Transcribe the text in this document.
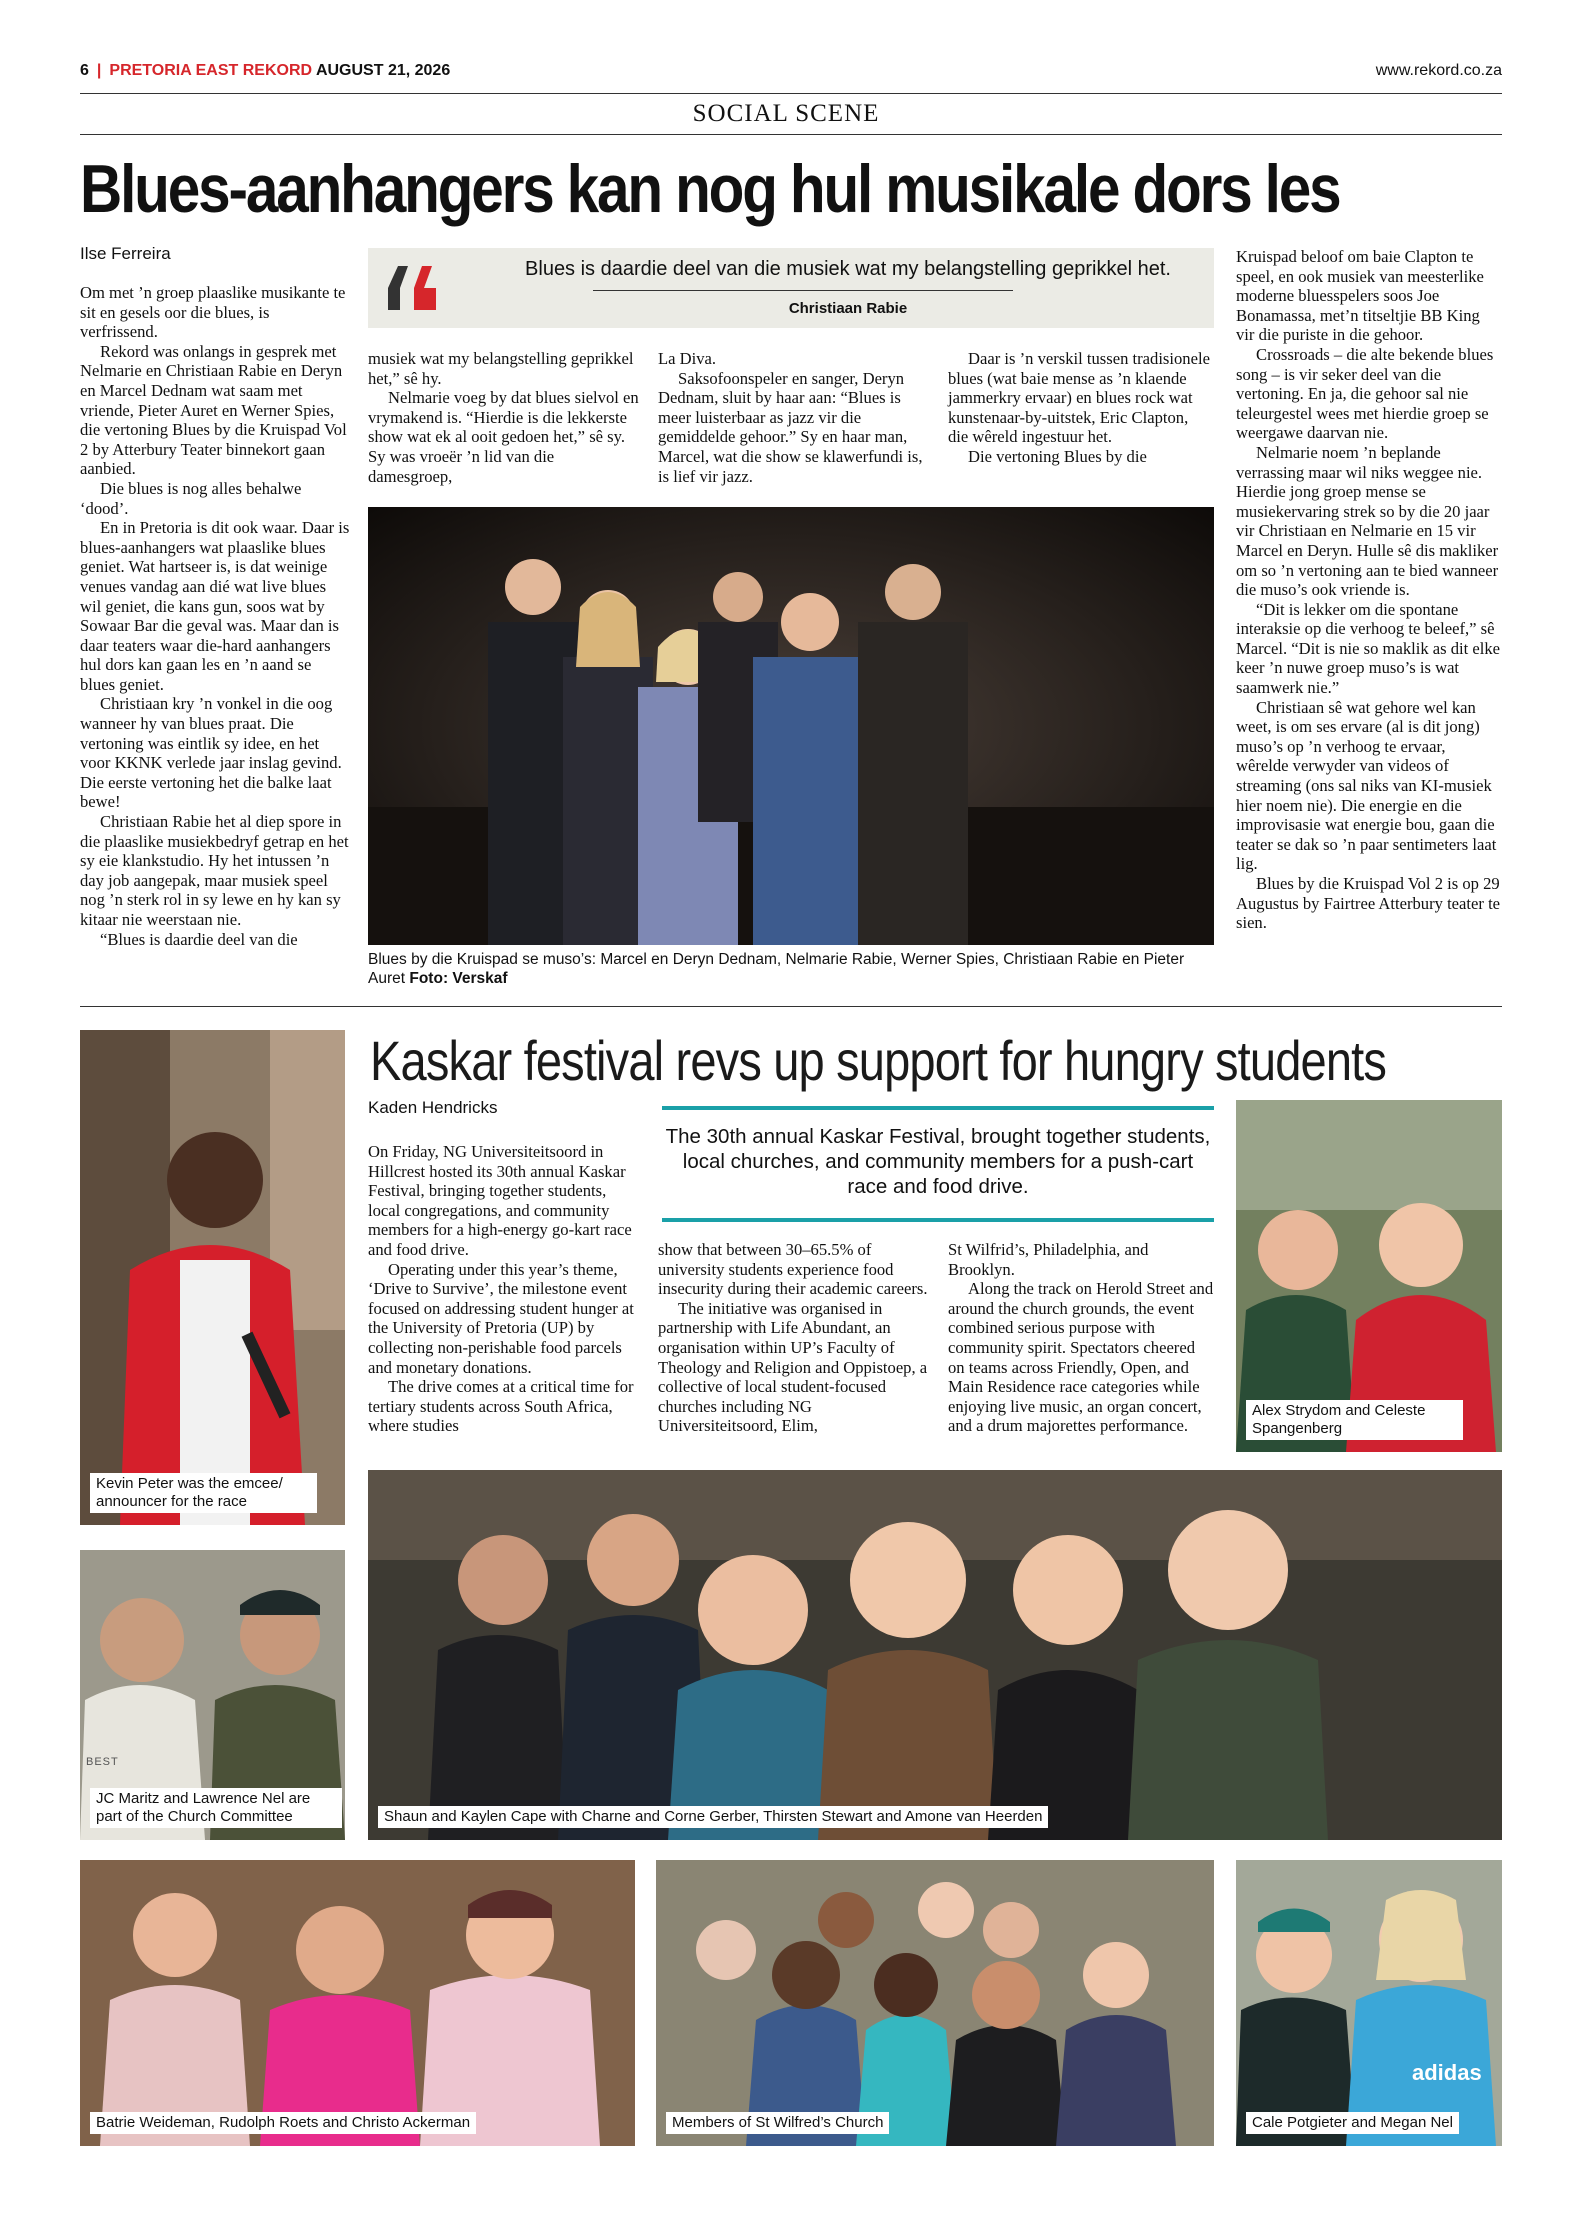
6 | PRETORIA EAST REKORD AUGUST 21, 2026	www.rekord.co.za
SOCIAL SCENE
Blues-aanhangers kan nog hul musikale dors les
Ilse Ferreira

Om met ’n groep plaaslike musikante te sit en gesels oor die blues, is verfrissend.

Rekord was onlangs in gesprek met Nelmarie en Christiaan Rabie en Deryn en Marcel Dednam wat saam met vriende, Pieter Auret en Werner Spies, die vertoning Blues by die Kruispad Vol 2 by Atterbury Teater binnekort gaan aanbied.

Die blues is nog alles behalwe ‘dood’.

En in Pretoria is dit ook waar. Daar is blues-aanhangers wat plaaslike blues geniet. Wat hartseer is, is dat weinige venues vandag aan dié wat live blues wil geniet, die kans gun, soos wat by Sowaar Bar die geval was. Maar dan is daar teaters waar die-hard aanhangers hul dors kan gaan les en ’n aand se blues geniet.

Christiaan kry ’n vonkel in die oog wanneer hy van blues praat. Die vertoning was eintlik sy idee, en het voor KKNK verlede jaar inslag gevind. Die eerste vertoning het die balke laat bewe!

Christiaan Rabie het al diep spore in die plaaslike musiekbedryf getrap en het sy eie klankstudio. Hy het intussen ’n day job aangepak, maar musiek speel nog ’n sterk rol in sy lewe en hy kan sy kitaar nie weerstaan nie.

“Blues is daardie deel van die

Blues is daardie deel van die musiek wat my belangstelling geprikkel het.
Christiaan Rabie

musiek wat my belangstelling geprikkel het,” sê hy.

Nelmarie voeg by dat blues sielvol en vrymakend is. “Hierdie is die lekkerste show wat ek al ooit gedoen het,” sê sy. Sy was vroeër ’n lid van die damesgroep,

La Diva.

Saksofoonspeler en sanger, Deryn Dednam, sluit by haar aan: “Blues is meer luisterbaar as jazz vir die gemiddelde gehoor.” Sy en haar man, Marcel, wat die show se klawerfundi is, is lief vir jazz.

Daar is ’n verskil tussen tradisionele blues (wat baie mense as ’n klaende jammerkry ervaar) en blues rock wat kunstenaar-by-uitstek, Eric Clapton, die wêreld ingestuur het.

Die vertoning Blues by die

Blues by die Kruispad se muso’s: Marcel en Deryn Dednam, Nelmarie Rabie, Werner Spies, Christiaan Rabie en Pieter Auret Foto: Verskaf

Kruispad beloof om baie Clapton te speel, en ook musiek van meesterlike moderne bluesspelers soos Joe Bonamassa, met’n titseltjie BB King vir die puriste in die gehoor.

Crossroads – die alte bekende blues song – is vir seker deel van die vertoning. En ja, die gehoor sal nie teleurgestel wees met hierdie groep se weergawe daarvan nie.

Nelmarie noem ’n beplande verrassing maar wil niks weggee nie. Hierdie jong groep mense se musiekervaring strek so by die 20 jaar vir Christiaan en Nelmarie en 15 vir Marcel en Deryn. Hulle sê dis makliker om so ’n vertoning aan te bied wanneer die muso’s ook vriende is.

“Dit is lekker om die spontane interaksie op die verhoog te beleef,” sê Marcel. “Dit is nie so maklik as dit elke keer ’n nuwe groep muso’s is wat saamwerk nie.”

Christiaan sê wat gehore wel kan weet, is om ses ervare (al is dit jong) muso’s op ’n verhoog te ervaar, wêrelde verwyder van videos of streaming (ons sal niks van KI-musiek hier noem nie). Die energie en die improvisasie wat energie bou, gaan die teater se dak so ’n paar sentimeters laat lig.

Blues by die Kruispad Vol 2 is op 29 Augustus by Fairtree Atterbury teater te sien.

Kevin Peter was the emcee/ announcer for the race
Kaskar festival revs up support for hungry students
Kaden Hendricks
The 30th annual Kaskar Festival, brought together students, local churches, and community members for a push-cart race and food drive.

On Friday, NG Universiteitsoord in Hillcrest hosted its 30th annual Kaskar Festival, bringing together students, local congregations, and community members for a high-energy go-kart race and food drive.

Operating under this year’s theme, ‘Drive to Survive’, the milestone event focused on addressing student hunger at the University of Pretoria (UP) by collecting non-perishable food parcels and monetary donations.

The drive comes at a critical time for tertiary students across South Africa, where studies

show that between 30–65.5% of university students experience food insecurity during their academic careers.

The initiative was organised in partnership with Life Abundant, an organisation within UP’s Faculty of Theology and Religion and Oppistoep, a collective of local student-focused churches including NG Universiteitsoord, Elim,

St Wilfrid’s, Philadelphia, and Brooklyn.

Along the track on Herold Street and around the church grounds, the event combined serious purpose with community spirit. Spectators cheered on teams across Friendly, Open, and Main Residence race categories while enjoying live music, an organ concert, and a drum majorettes performance.

Alex Strydom and Celeste Spangenberg
BEST
JC Maritz and Lawrence Nel are part of the Church Committee	Shaun and Kaylen Cape with Charne and Corne Gerber, Thirsten Stewart and Amone van Heerden
Batrie Weideman, Rudolph Roets and Christo Ackerman	Members of St Wilfred’s Church
adidas
Cale Potgieter and Megan Nel
